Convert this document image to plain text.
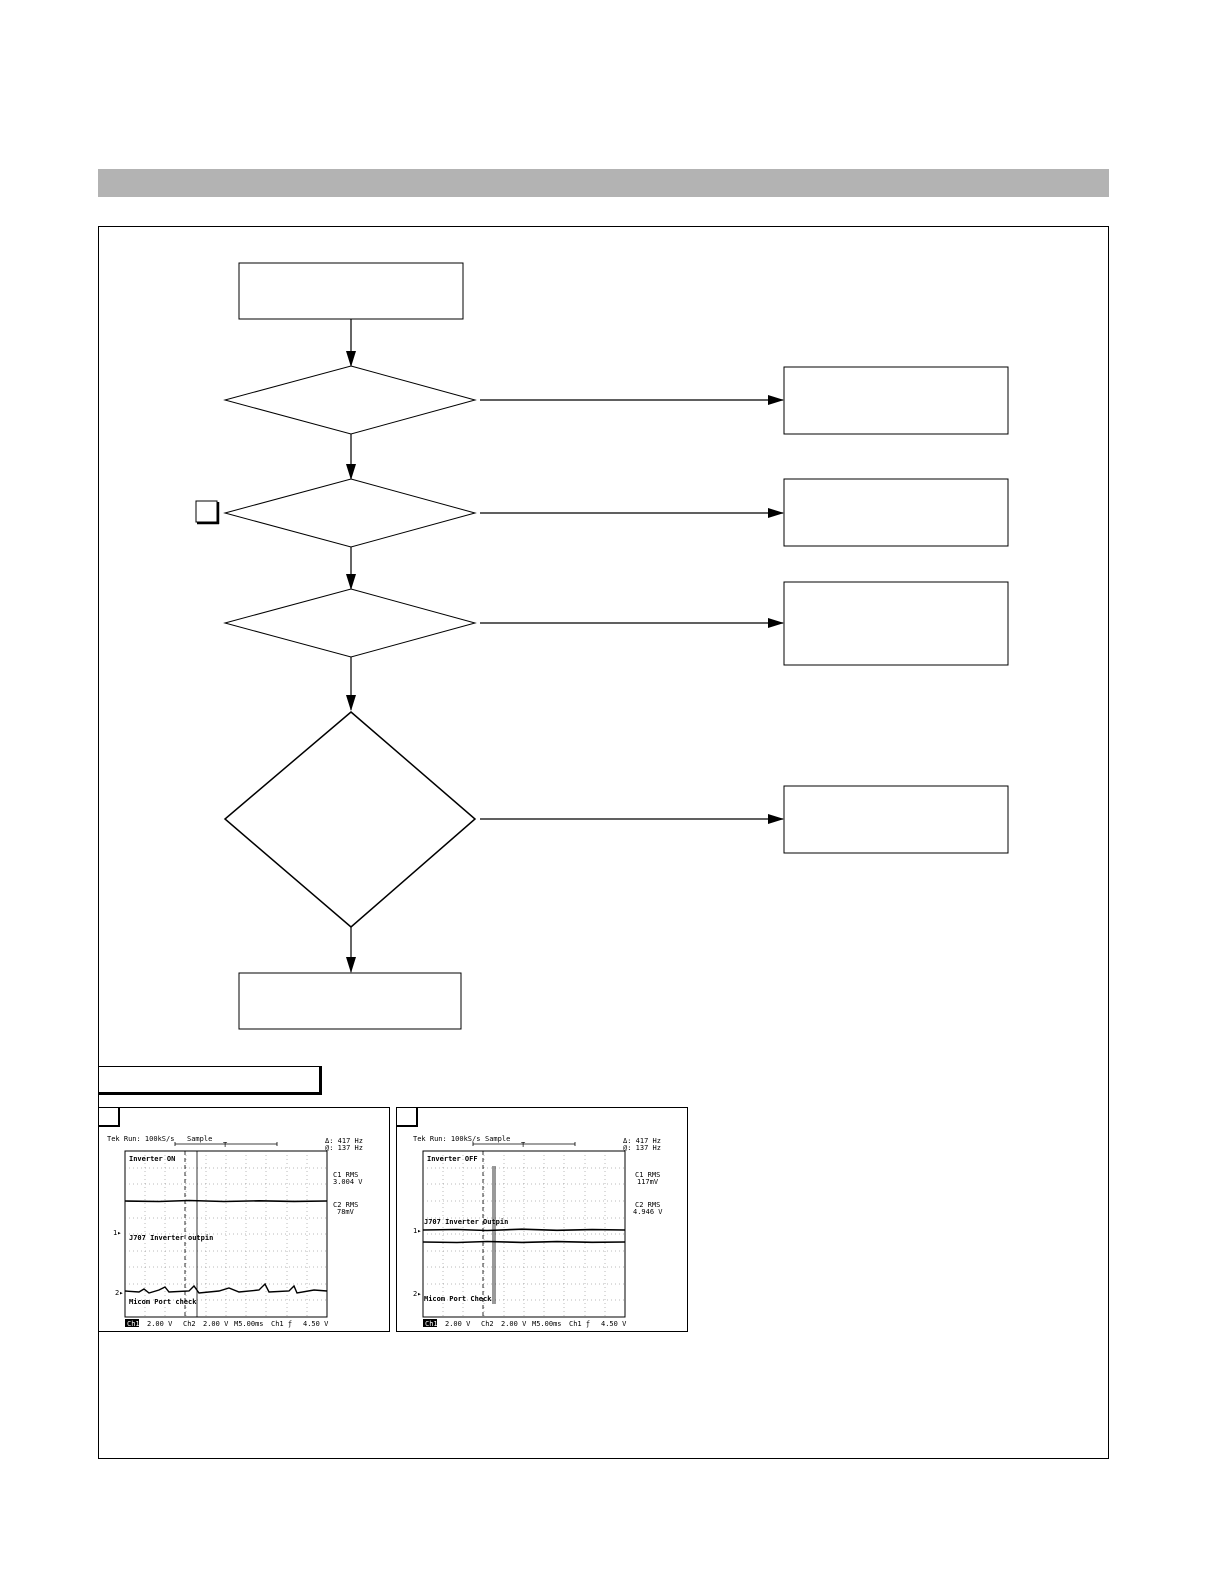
Tek Run: 100kS/s Sample
T
1▸
2▸
Inverter ON
J707 Inverter outpin
Micom Port check
Δ: 417 Hz
@: 137 Hz
C1 RMS
3.004 V
C2 RMS
78mV
Ch1 2.00 V Ch2 2.00 V M5.00ms Ch1 ƒ 4.50 V
Tek Run: 100kS/s Sample
T
1▸
2▸
Inverter OFF
J707 Inverter Outpin
Micom Port Check
Δ: 417 Hz
@: 137 Hz
C1 RMS
117mV
C2 RMS
4.946 V
Ch1 2.00 V Ch2 2.00 V M5.00ms Ch1 ƒ 4.50 V
